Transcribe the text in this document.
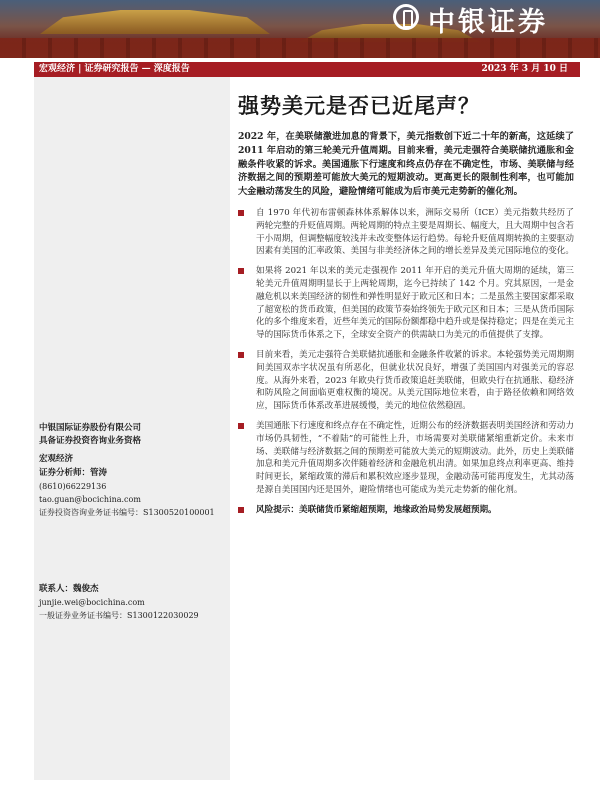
中银证券
宏观经济 | 证券研究报告 — 深度报告	2023 年 3 月 10 日
中银国际证券股份有限公司
具备证券投资咨询业务资格
宏观经济
证券分析师：管涛
(8610)66229136
tao.guan@bocichina.com
证券投资咨询业务证书编号：S1300520100001
联系人：魏俊杰
junjie.wei@bocichina.com
一般证券业务证书编号：S1300122030029
强势美元是否已近尾声？
2022 年，在美联储激进加息的背景下，美元指数创下近二十年的新高，这延续了 2011 年启动的第三轮美元升值周期。目前来看，美元走强符合美联储抗通胀和金融条件收紧的诉求。美国通胀下行速度和终点仍存在不确定性，市场、美联储与经济数据之间的预期差可能放大美元的短期波动。更高更长的限制性利率，也可能加大金融动荡发生的风险，避险情绪可能成为后市美元走势新的催化剂。
自 1970 年代初布雷顿森林体系解体以来，洲际交易所（ICE）美元指数共经历了两轮完整的升贬值周期。两轮周期的特点主要是周期长、幅度大，且大周期中包含若干小周期，但调整幅度较浅并未改变整体运行趋势。每轮升贬值周期转换的主要驱动因素有美国的汇率政策、美国与非美经济体之间的增长差异及美元国际地位的变化。
如果将 2021 年以来的美元走强视作 2011 年开启的美元升值大周期的延续，第三轮美元升值周期明显长于上两轮周期，迄今已持续了 142 个月。究其原因，一是金融危机以来美国经济的韧性和弹性明显好于欧元区和日本；二是虽然主要国家都采取了超宽松的货币政策，但美国的政策节奏始终领先于欧元区和日本；三是从货币国际化的多个维度来看，近些年美元的国际份额都稳中趋升或是保持稳定；四是在美元主导的国际货币体系之下，全球安全资产的供需缺口为美元的币值提供了支撑。
目前来看，美元走强符合美联储抗通胀和金融条件收紧的诉求。本轮强势美元周期期间美国双赤字状况虽有所恶化，但就业状况良好，增强了美国国内对强美元的容忍度。从海外来看，2023 年欧央行货币政策追赶美联储，但欧央行在抗通胀、稳经济和防风险之间面临更难权衡的境况。从美元国际地位来看，由于路径依赖和网络效应，国际货币体系改革进展缓慢，美元的地位依然稳固。
美国通胀下行速度和终点存在不确定性，近期公布的经济数据表明美国经济和劳动力市场仍具韧性，“不着陆”的可能性上升，市场需要对美联储紧缩重新定价。未来市场、美联储与经济数据之间的预期差可能放大美元的短期波动。此外，历史上美联储加息和美元升值周期多次伴随着经济和金融危机出清。如果加息终点利率更高、维持时间更长，紧缩政策的滞后和累积效应逐步显现，金融动荡可能再度发生，尤其动荡是源自美国国内还是国外，避险情绪也可能成为美元走势新的催化剂。
风险提示：美联储货币紧缩超预期，地缘政治局势发展超预期。
